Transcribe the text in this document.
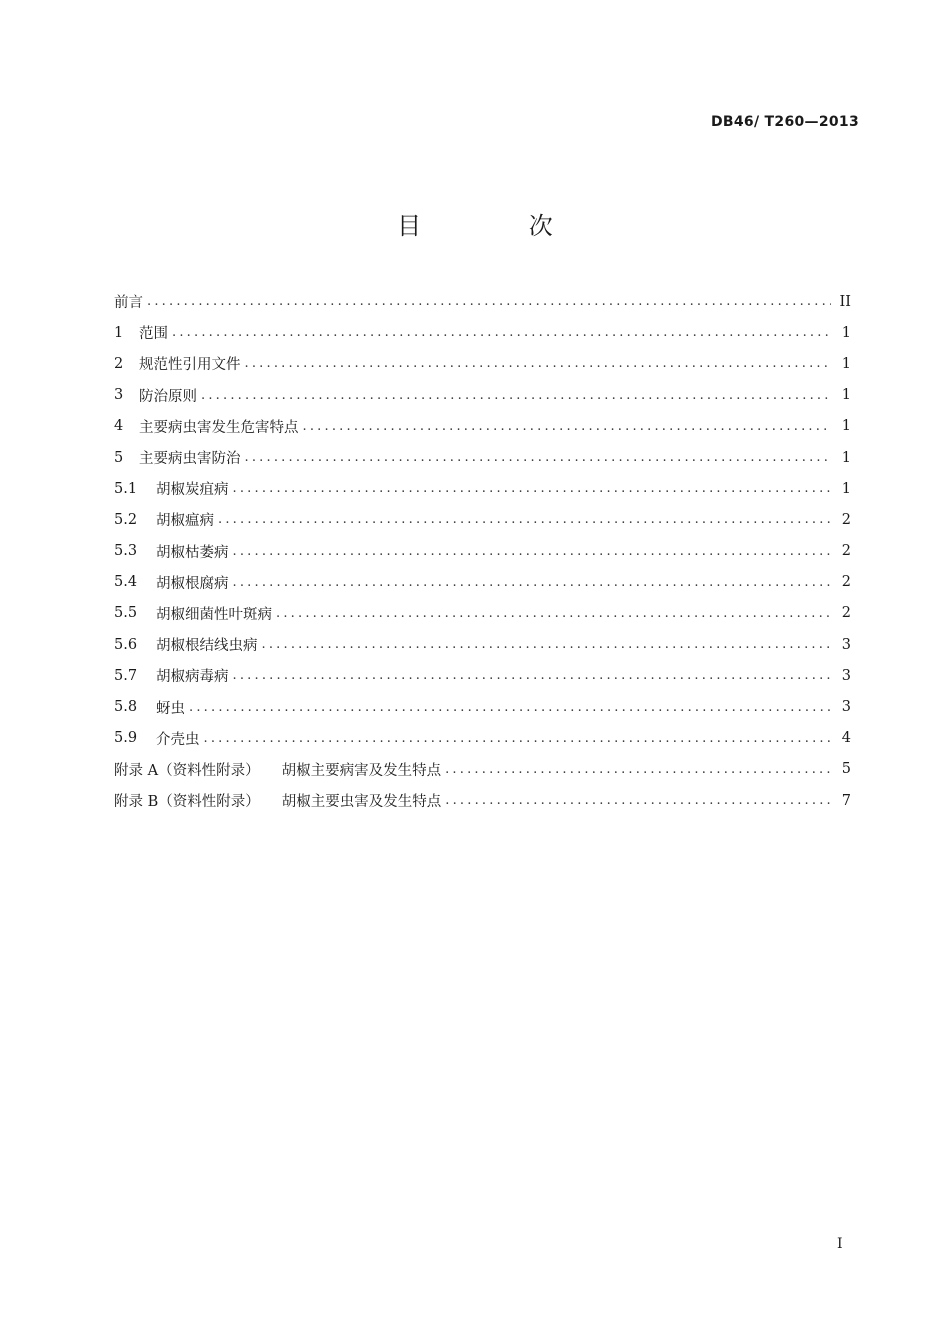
DB46/ T260—2013
目 次
前言 .....	II
1	范围 .....	1
2	规范性引用文件 .....	1
3	防治原则 .....	1
4	主要病虫害发生危害特点 .....	1
5	主要病虫害防治 .....	1
5.1	胡椒炭疽病 .....	1
5.2	胡椒瘟病 .....	2
5.3	胡椒枯萎病 .....	2
5.4	胡椒根腐病 .....	2
5.5	胡椒细菌性叶斑病 .....	2
5.6	胡椒根结线虫病 .....	3
5.7	胡椒病毒病 .....	3
5.8	蚜虫 .....	3
5.9	介壳虫 .....	4
附录 A（资料性附录） 胡椒主要病害及发生特点 .....	5
附录 B（资料性附录） 胡椒主要虫害及发生特点 .....	7
I
